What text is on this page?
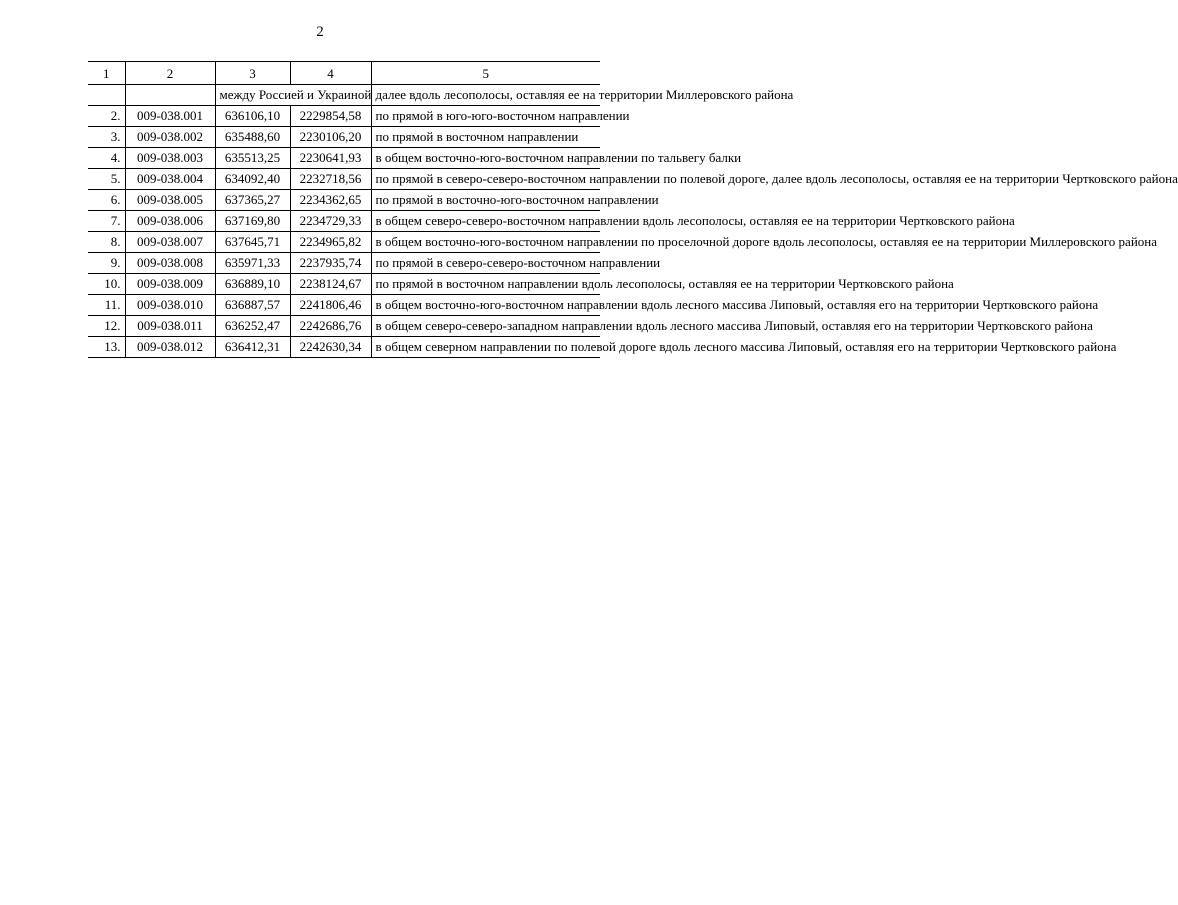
2
1	2	3	4	5
		между Россией и Украиной		далее вдоль лесополосы, оставляя ее на территории Миллеровского района
2.	009-038.001	636106,10	2229854,58	по прямой в юго-юго-восточном направлении
3.	009-038.002	635488,60	2230106,20	по прямой в восточном направлении
4.	009-038.003	635513,25	2230641,93	в общем восточно-юго-восточном направлении по тальвегу балки
5.	009-038.004	634092,40	2232718,56	по прямой в северо-северо-восточном направлении по полевой дороге, далее вдоль лесополосы, оставляя ее на территории Чертковского района
6.	009-038.005	637365,27	2234362,65	по прямой в восточно-юго-восточном направлении
7.	009-038.006	637169,80	2234729,33	в общем северо-северо-восточном направлении вдоль лесополосы, оставляя ее на территории Чертковского района
8.	009-038.007	637645,71	2234965,82	в общем восточно-юго-восточном направлении по проселочной дороге вдоль лесополосы, оставляя ее на территории Миллеровского района
9.	009-038.008	635971,33	2237935,74	по прямой в северо-северо-восточном направлении
10.	009-038.009	636889,10	2238124,67	по прямой в восточном направлении вдоль лесополосы, оставляя ее на территории Чертковского района
11.	009-038.010	636887,57	2241806,46	в общем восточно-юго-восточном направлении вдоль лесного массива Липовый, оставляя его на территории Чертковского района
12.	009-038.011	636252,47	2242686,76	в общем северо-северо-западном направлении вдоль лесного массива Липовый, оставляя его на территории Чертковского района
13.	009-038.012	636412,31	2242630,34	в общем северном направлении по полевой дороге вдоль лесного массива Липовый, оставляя его на территории Чертковского района
